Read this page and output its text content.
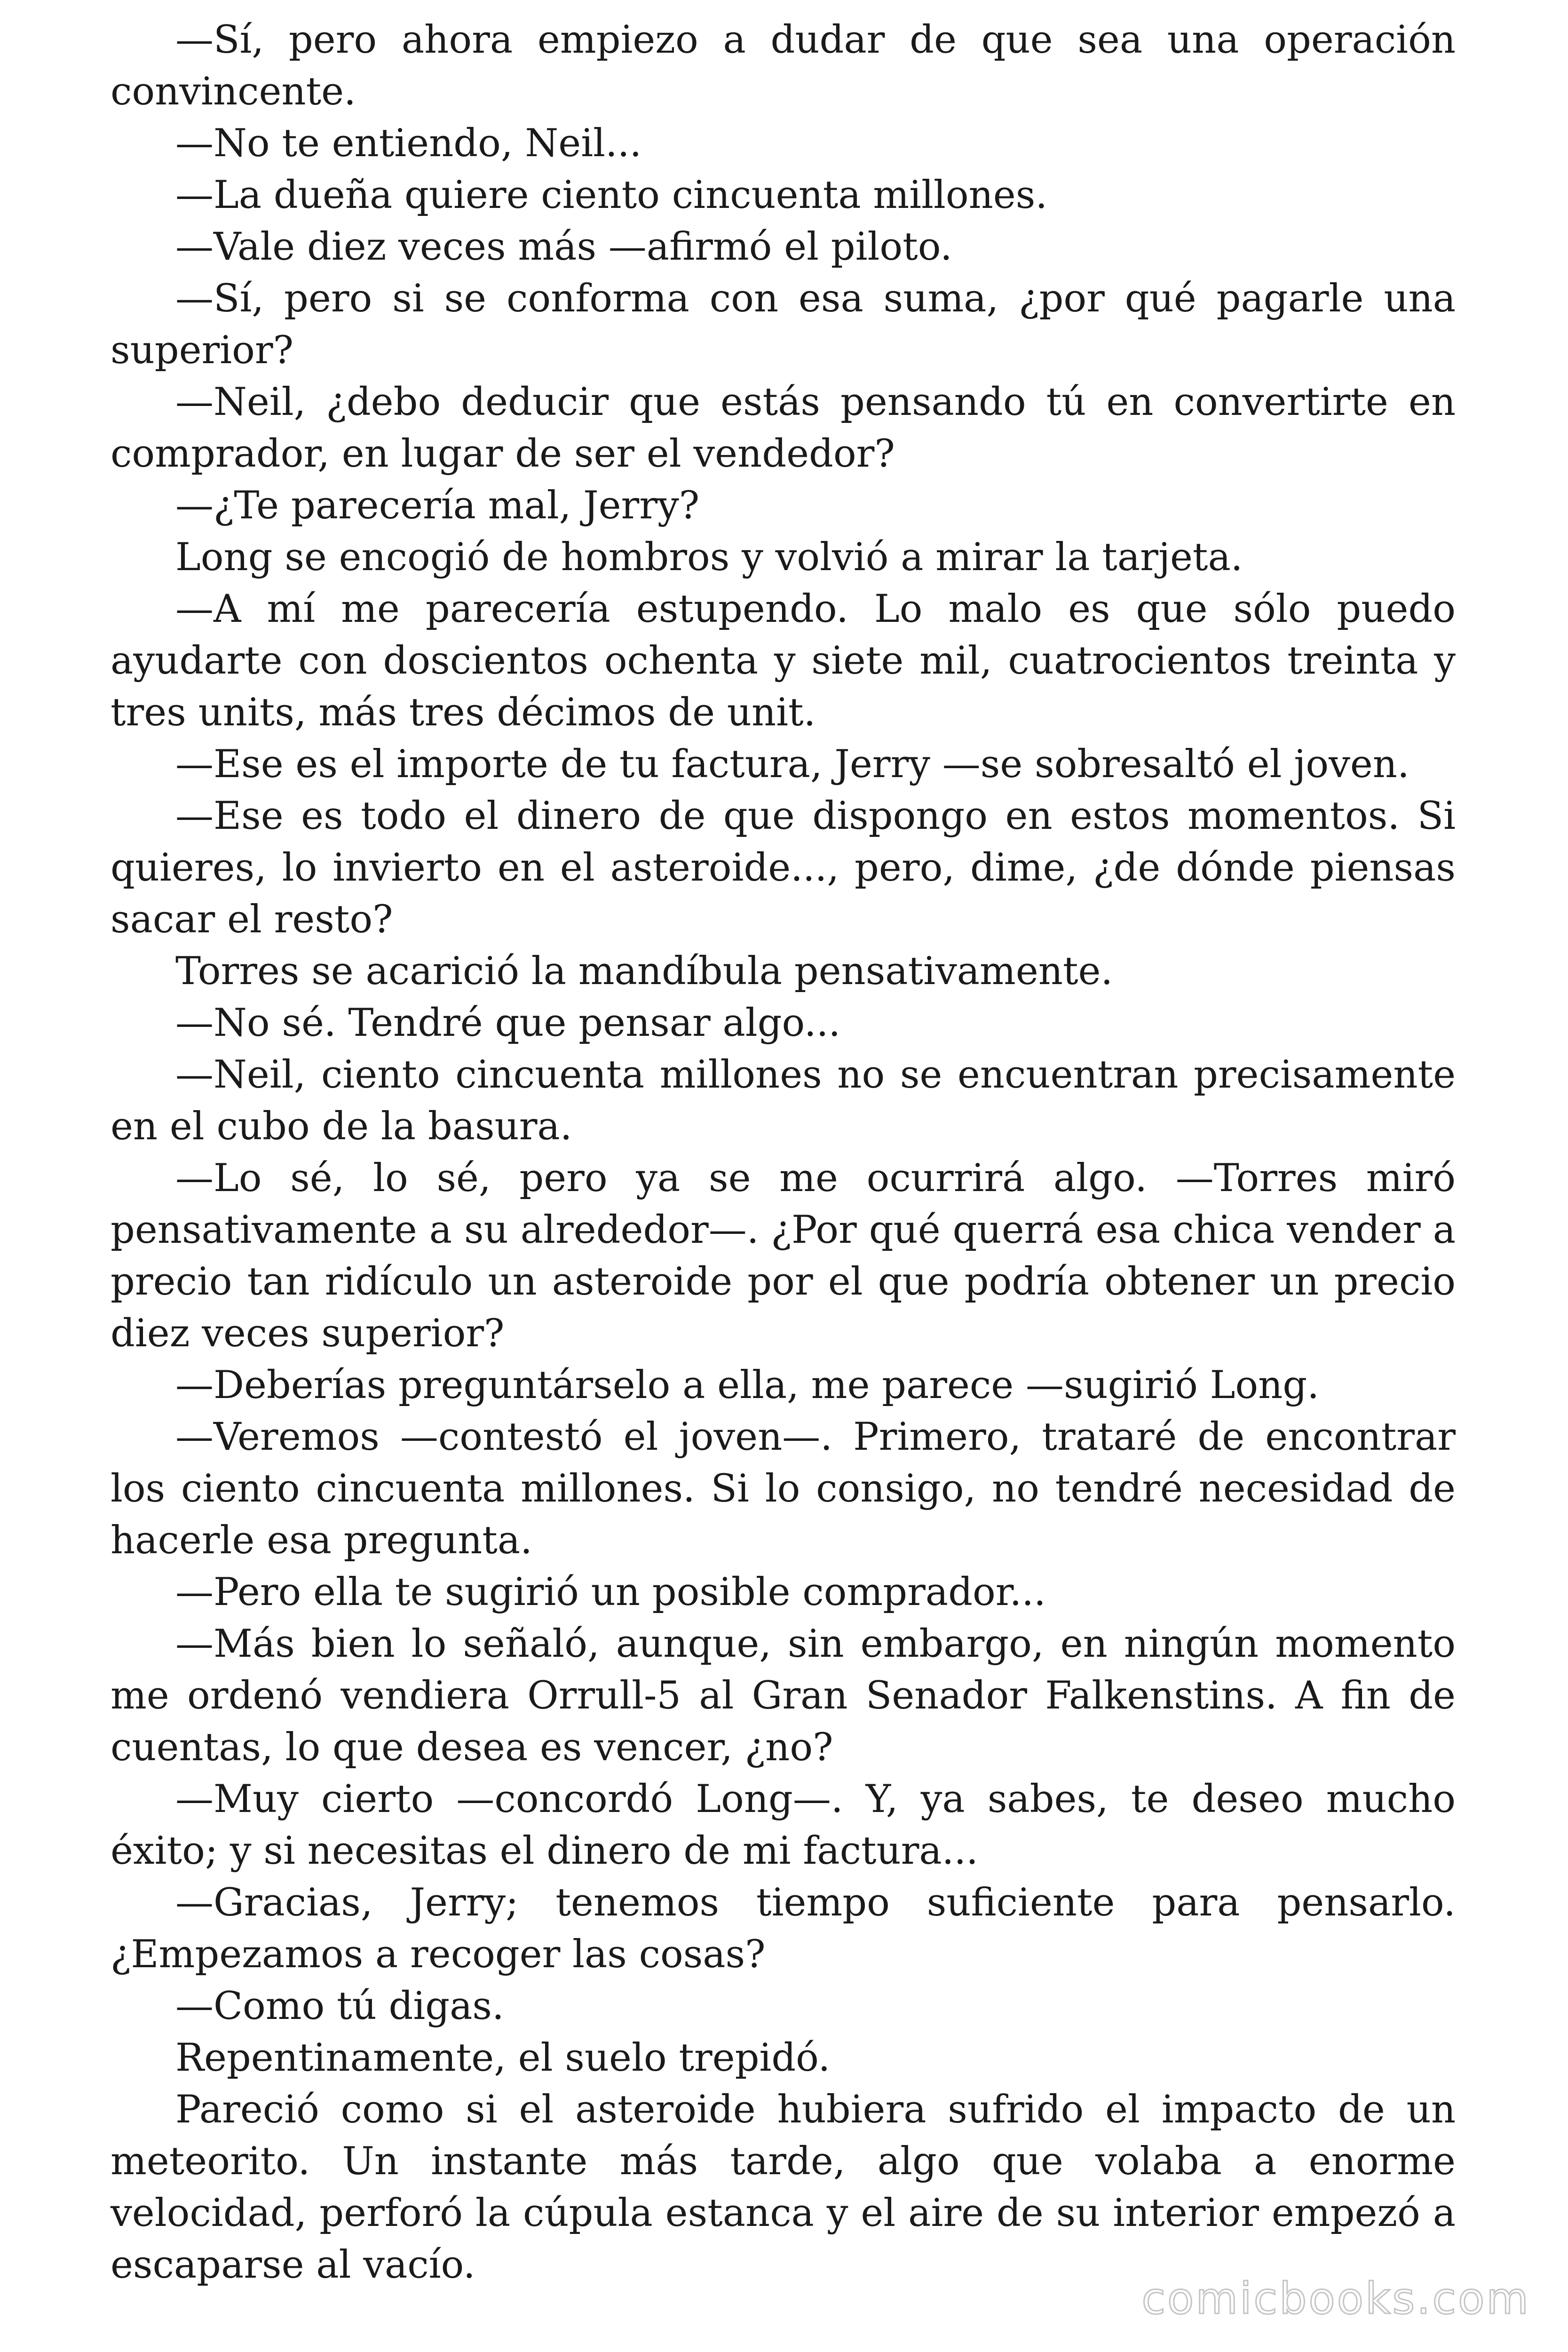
—Sí, pero ahora empiezo a dudar de que sea una operación convincente.

—No te entiendo, Neil...

—La dueña quiere ciento cincuenta millones.

—Vale diez veces más —afirmó el piloto.

—Sí, pero si se conforma con esa suma, ¿por qué pagarle una superior?

—Neil, ¿debo deducir que estás pensando tú en convertirte en comprador, en lugar de ser el vendedor?

—¿Te parecería mal, Jerry?

Long se encogió de hombros y volvió a mirar la tarjeta.

—A mí me parecería estupendo. Lo malo es que sólo puedo ayudarte con doscientos ochenta y siete mil, cuatrocientos treinta y tres units, más tres décimos de unit.

—Ese es el importe de tu factura, Jerry —se sobresaltó el joven.

—Ese es todo el dinero de que dispongo en estos momentos. Si quieres, lo invierto en el asteroide..., pero, dime, ¿de dónde piensas sacar el resto?

Torres se acarició la mandíbula pensativamente.

—No sé. Tendré que pensar algo...

—Neil, ciento cincuenta millones no se encuentran precisamente en el cubo de la basura.

—Lo sé, lo sé, pero ya se me ocurrirá algo. —Torres miró pensativamente a su alrededor—. ¿Por qué querrá esa chica vender a precio tan ridículo un asteroide por el que podría obtener un precio diez veces superior?

—Deberías preguntárselo a ella, me parece —sugirió Long.

—Veremos —contestó el joven—. Primero, trataré de encontrar los ciento cincuenta millones. Si lo consigo, no tendré necesidad de hacerle esa pregunta.

—Pero ella te sugirió un posible comprador...

—Más bien lo señaló, aunque, sin embargo, en ningún momento me ordenó vendiera Orrull-5 al Gran Senador Falkenstins. A fin de cuentas, lo que desea es vencer, ¿no?

—Muy cierto —concordó Long—. Y, ya sabes, te deseo mucho éxito; y si necesitas el dinero de mi factura...

—Gracias, Jerry; tenemos tiempo suficiente para pensarlo. ¿Empezamos a recoger las cosas?

—Como tú digas.

Repentinamente, el suelo trepidó.

Pareció como si el asteroide hubiera sufrido el impacto de un meteorito. Un instante más tarde, algo que volaba a enorme velocidad, perforó la cúpula estanca y el aire de su interior empezó a escaparse al vacío.

comicbooks.com
